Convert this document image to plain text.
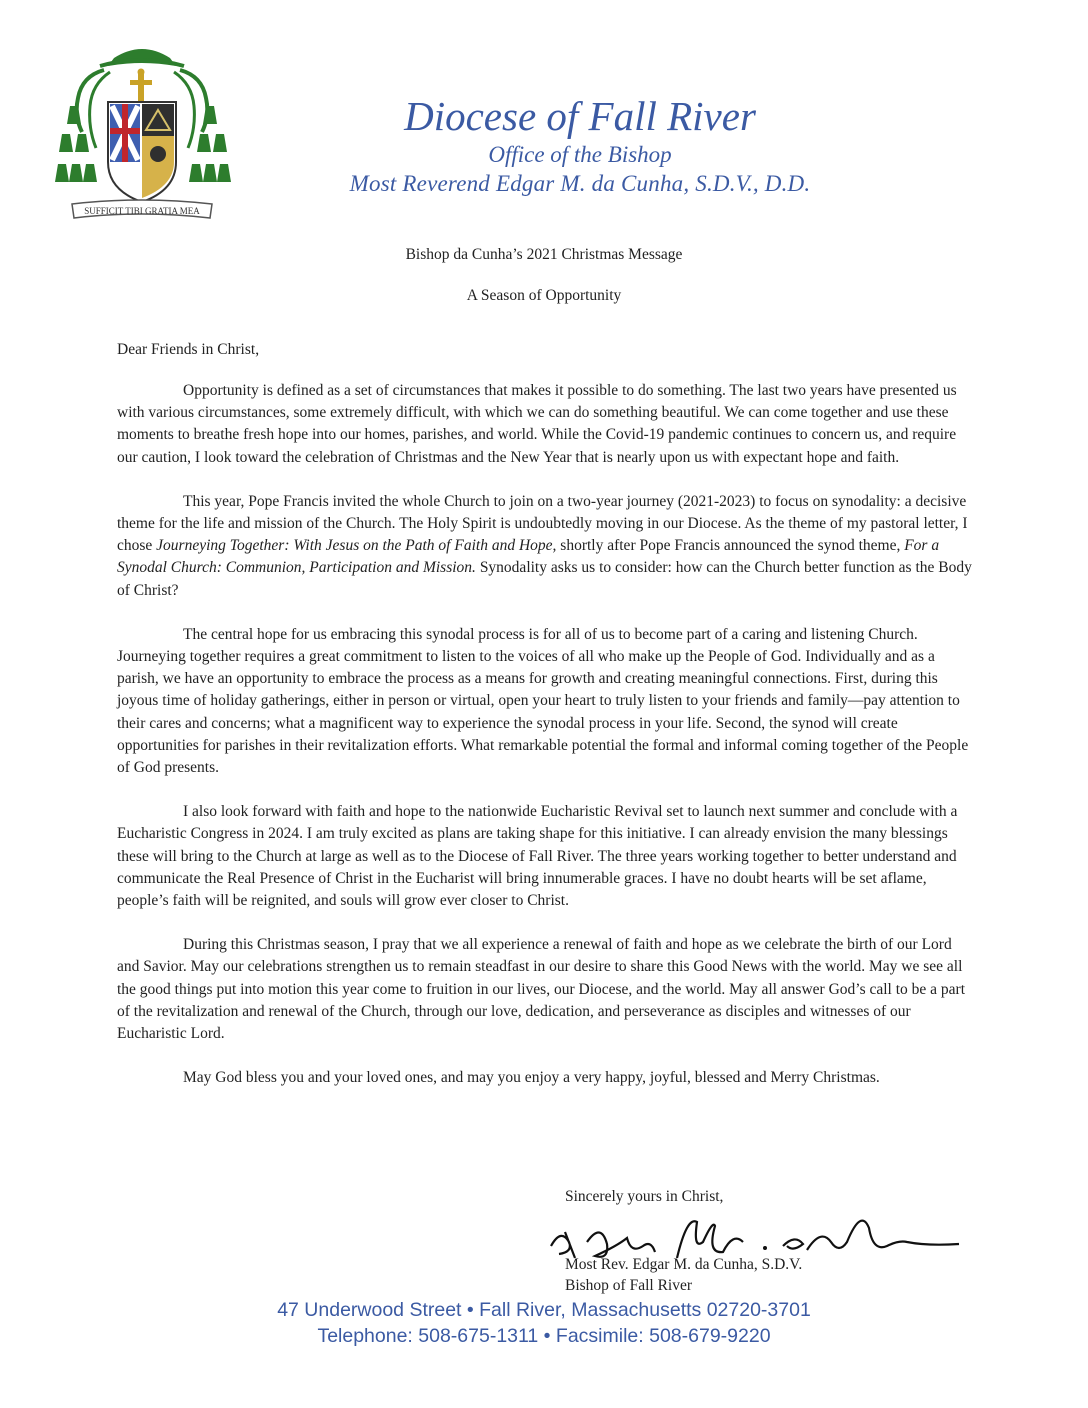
SUFFICIT TIBI GRATIA MEA
Diocese of Fall River
Office of the Bishop
Most Reverend Edgar M. da Cunha, S.D.V., D.D.
Bishop da Cunha’s 2021 Christmas Message
A Season of Opportunity
Dear Friends in Christ,

Opportunity is defined as a set of circumstances that makes it possible to do something. The last two years have presented us with various circumstances, some extremely difficult, with which we can do something beautiful. We can come together and use these moments to breathe fresh hope into our homes, parishes, and world. While the Covid-19 pandemic continues to concern us, and require our caution, I look toward the celebration of Christmas and the New Year that is nearly upon us with expectant hope and faith.

This year, Pope Francis invited the whole Church to join on a two-year journey (2021-2023) to focus on synodality: a decisive theme for the life and mission of the Church. The Holy Spirit is undoubtedly moving in our Diocese. As the theme of my pastoral letter, I chose Journeying Together: With Jesus on the Path of Faith and Hope, shortly after Pope Francis announced the synod theme, For a Synodal Church: Communion, Participation and Mission. Synodality asks us to consider: how can the Church better function as the Body of Christ?

The central hope for us embracing this synodal process is for all of us to become part of a caring and listening Church. Journeying together requires a great commitment to listen to the voices of all who make up the People of God. Individually and as a parish, we have an opportunity to embrace the process as a means for growth and creating meaningful connections. First, during this joyous time of holiday gatherings, either in person or virtual, open your heart to truly listen to your friends and family—pay attention to their cares and concerns; what a magnificent way to experience the synodal process in your life. Second, the synod will create opportunities for parishes in their revitalization efforts. What remarkable potential the formal and informal coming together of the People of God presents.

I also look forward with faith and hope to the nationwide Eucharistic Revival set to launch next summer and conclude with a Eucharistic Congress in 2024. I am truly excited as plans are taking shape for this initiative. I can already envision the many blessings these will bring to the Church at large as well as to the Diocese of Fall River. The three years working together to better understand and communicate the Real Presence of Christ in the Eucharist will bring innumerable graces. I have no doubt hearts will be set aflame, people’s faith will be reignited, and souls will grow ever closer to Christ.

During this Christmas season, I pray that we all experience a renewal of faith and hope as we celebrate the birth of our Lord and Savior. May our celebrations strengthen us to remain steadfast in our desire to share this Good News with the world. May we see all the good things put into motion this year come to fruition in our lives, our Diocese, and the world. May all answer God’s call to be a part of the revitalization and renewal of the Church, through our love, dedication, and perseverance as disciples and witnesses of our Eucharistic Lord.

May God bless you and your loved ones, and may you enjoy a very happy, joyful, blessed and Merry Christmas.

Sincerely yours in Christ,
Most Rev. Edgar M. da Cunha, S.D.V.
Bishop of Fall River
47 Underwood Street • Fall River, Massachusetts 02720-3701
Telephone: 508-675-1311 • Facsimile: 508-679-9220
